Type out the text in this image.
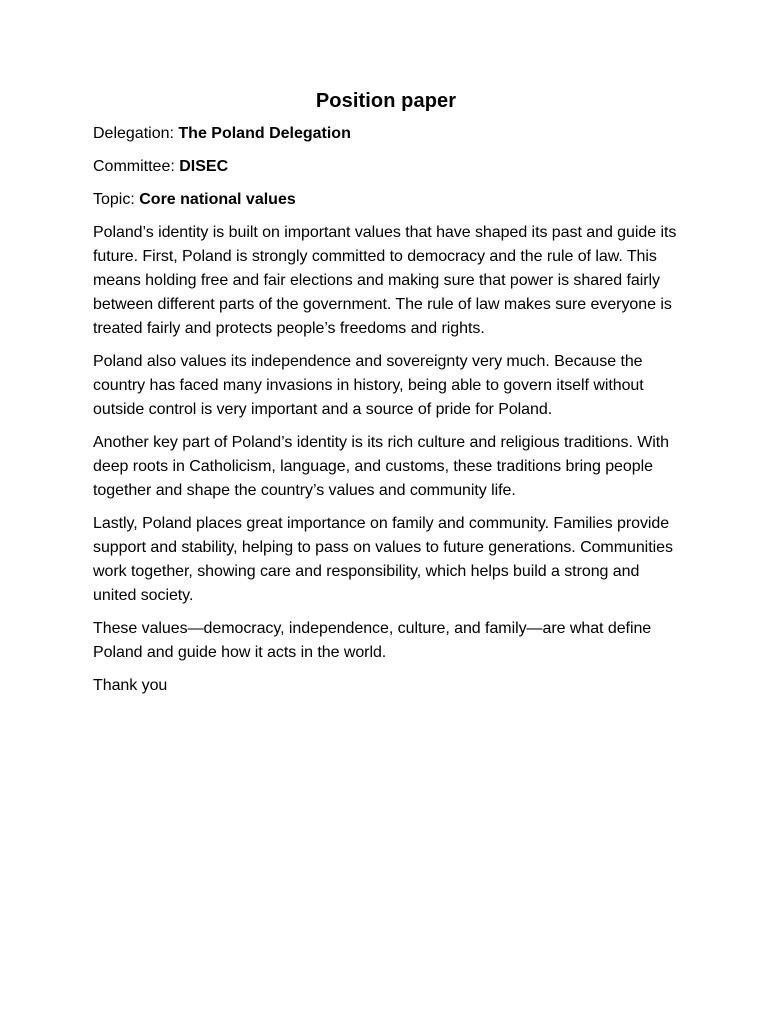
Position paper
Delegation: The Poland Delegation
Committee: DISEC
Topic: Core national values

Poland’s identity is built on important values that have shaped its past and guide its future. First, Poland is strongly committed to democracy and the rule of law. This means holding free and fair elections and making sure that power is shared fairly between different parts of the government. The rule of law makes sure everyone is treated fairly and protects people’s freedoms and rights.

Poland also values its independence and sovereignty very much. Because the country has faced many invasions in history, being able to govern itself without outside control is very important and a source of pride for Poland.

Another key part of Poland’s identity is its rich culture and religious traditions. With deep roots in Catholicism, language, and customs, these traditions bring people together and shape the country’s values and community life.

Lastly, Poland places great importance on family and community. Families provide support and stability, helping to pass on values to future generations. Communities work together, showing care and responsibility, which helps build a strong and united society.

These values—democracy, independence, culture, and family—are what define Poland and guide how it acts in the world.

Thank you
